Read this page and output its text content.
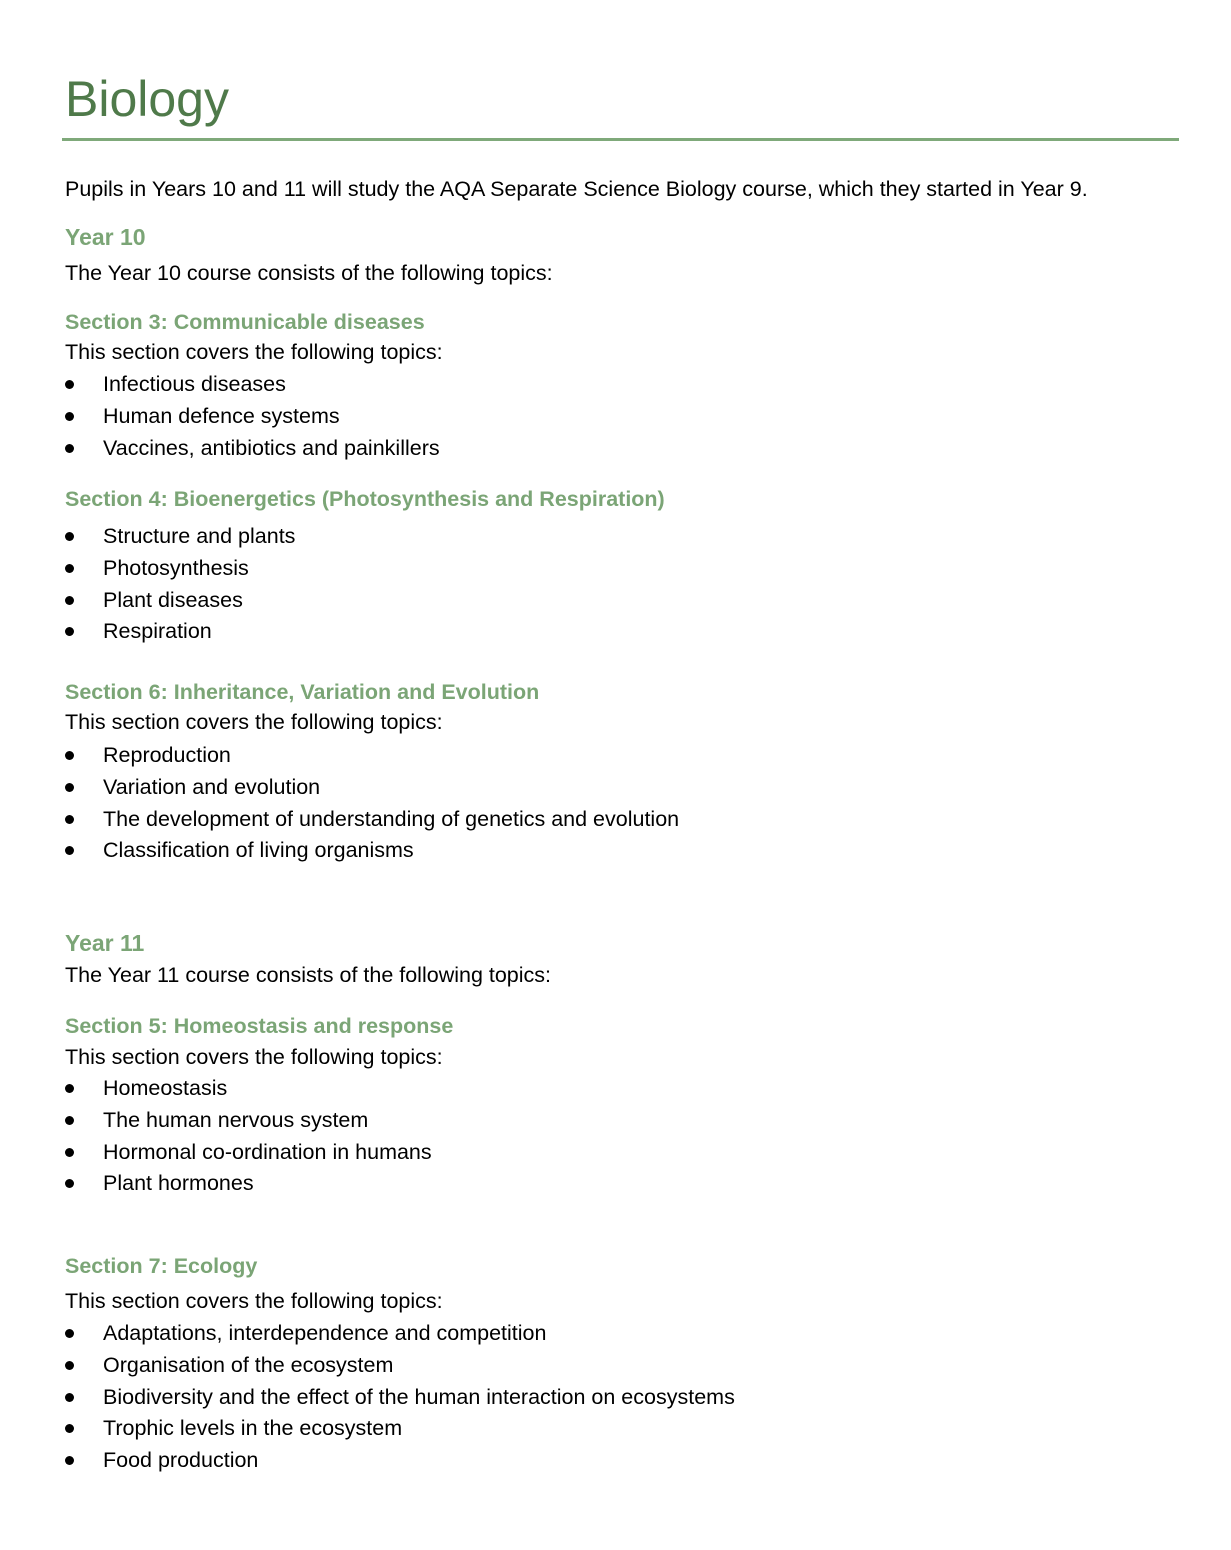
Biology

Pupils in Years 10 and 11 will study the AQA Separate Science Biology course, which they started in Year 9.

Year 10

The Year 10 course consists of the following topics:

Section 3: Communicable diseases

This section covers the following topics:

Infectious diseases
Human defence systems
Vaccines, antibiotics and painkillers
Section 4: Bioenergetics (Photosynthesis and Respiration)
Structure and plants
Photosynthesis
Plant diseases
Respiration
Section 6: Inheritance, Variation and Evolution

This section covers the following topics:

Reproduction
Variation and evolution
The development of understanding of genetics and evolution
Classification of living organisms
Year 11

The Year 11 course consists of the following topics:

Section 5: Homeostasis and response

This section covers the following topics:

Homeostasis
The human nervous system
Hormonal co-ordination in humans
Plant hormones
Section 7: Ecology

This section covers the following topics:

Adaptations, interdependence and competition
Organisation of the ecosystem
Biodiversity and the effect of the human interaction on ecosystems
Trophic levels in the ecosystem
Food production
